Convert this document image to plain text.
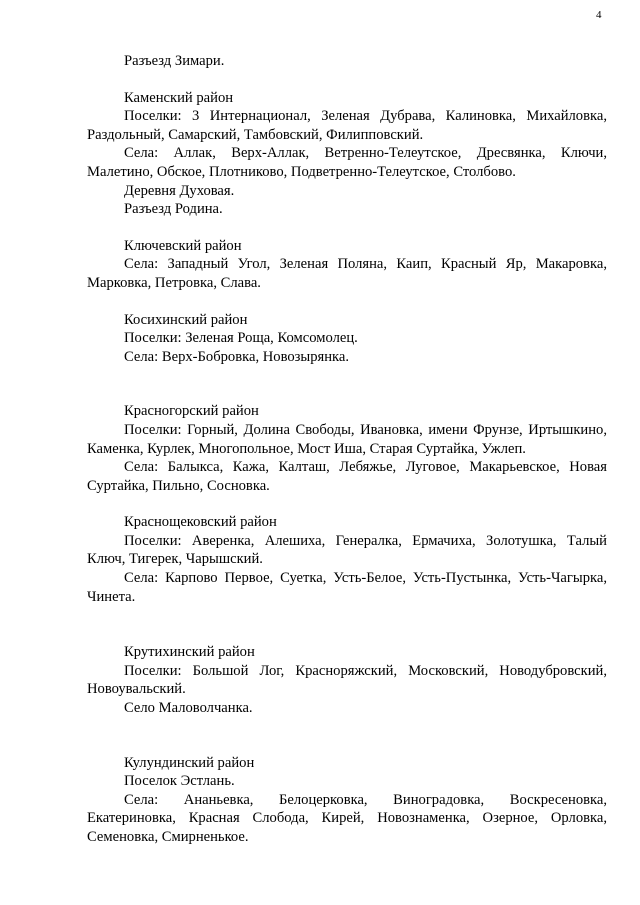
4

Разъезд Зимари.

Каменский район

Поселки: 3 Интернационал, Зеленая Дубрава, Калиновка, Михайловка, Раздольный, Самарский, Тамбовский, Филипповский.

Села: Аллак, Верх-Аллак, Ветренно-Телеутское, Дресвянка, Ключи, Малетино, Обское, Плотниково, Подветренно-Телеутское, Столбово.

Деревня Духовая.

Разъезд Родина.

Ключевский район

Села: Западный Угол, Зеленая Поляна, Каип, Красный Яр, Макаровка, Марковка, Петровка, Слава.

Косихинский район

Поселки: Зеленая Роща, Комсомолец.

Села: Верх-Бобровка, Новозырянка.

Красногорский район

Поселки: Горный, Долина Свободы, Ивановка, имени Фрунзе, Иртышкино, Каменка, Курлек, Многопольное, Мост Иша, Старая Суртайка, Ужлеп.

Села: Балыкса, Кажа, Калташ, Лебяжье, Луговое, Макарьевское, Новая Суртайка, Пильно, Сосновка.

Краснощековский район

Поселки: Аверенка, Алешиха, Генералка, Ермачиха, Золотушка, Талый Ключ, Тигерек, Чарышский.

Села: Карпово Первое, Суетка, Усть-Белое, Усть-Пустынка, Усть-Чагырка, Чинета.

Крутихинский район

Поселки: Большой Лог, Красноряжский, Московский, Новодубровский, Новоувальский.

Село Маловолчанка.

Кулундинский район

Поселок Эстлань.

Села: Ананьевка, Белоцерковка, Виноградовка, Воскресеновка, Екатериновка, Красная Слобода, Кирей, Новознаменка, Озерное, Орловка, Семеновка, Смирненькое.
